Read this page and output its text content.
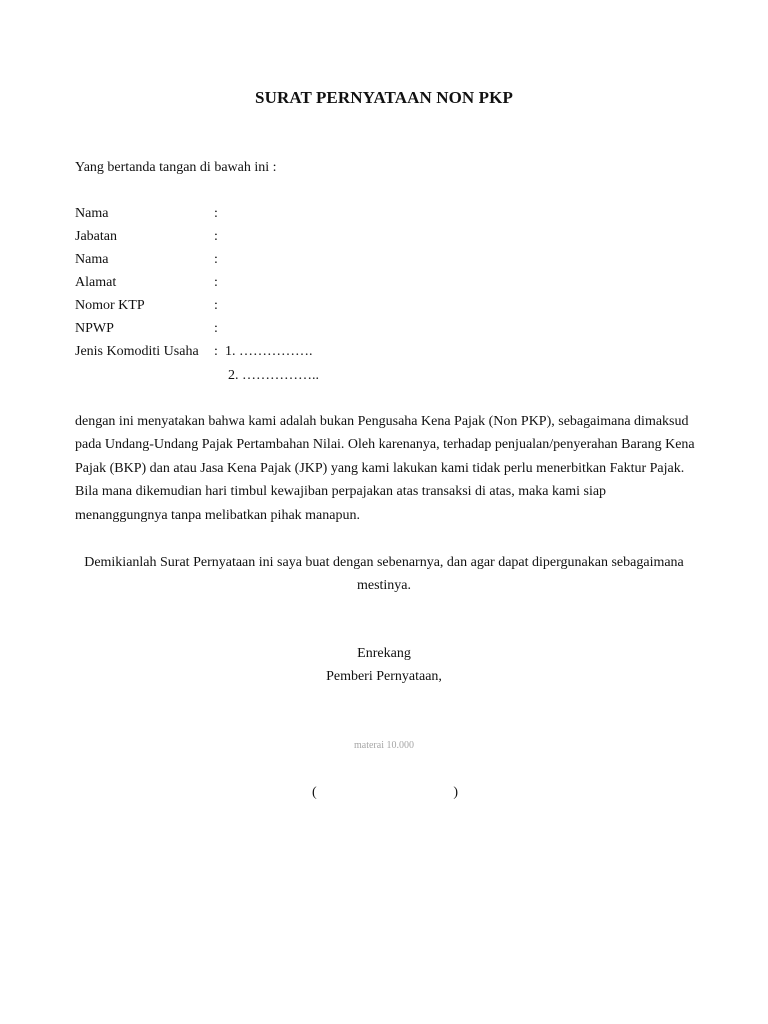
SURAT PERNYATAAN NON PKP
Yang bertanda tangan di bawah ini :
Nama	:
Jabatan	:
Nama	:
Alamat	:
Nomor KTP	:
NPWP	:
Jenis Komoditi Usaha : 1. …………….
2. ……………..
dengan ini menyatakan bahwa kami adalah bukan Pengusaha Kena Pajak (Non PKP), sebagaimana dimaksud pada Undang-Undang Pajak Pertambahan Nilai. Oleh karenanya, terhadap penjualan/penyerahan Barang Kena Pajak (BKP) dan atau Jasa Kena Pajak (JKP) yang kami lakukan kami tidak perlu menerbitkan Faktur Pajak. Bila mana dikemudian hari timbul kewajiban perpajakan atas transaksi di atas, maka kami siap menanggungnya tanpa melibatkan pihak manapun.
Demikianlah Surat Pernyataan ini saya buat dengan sebenarnya, dan agar dapat dipergunakan sebagaimana mestinya.
Enrekang
Pemberi Pernyataan,
materai 10.000
(	)
